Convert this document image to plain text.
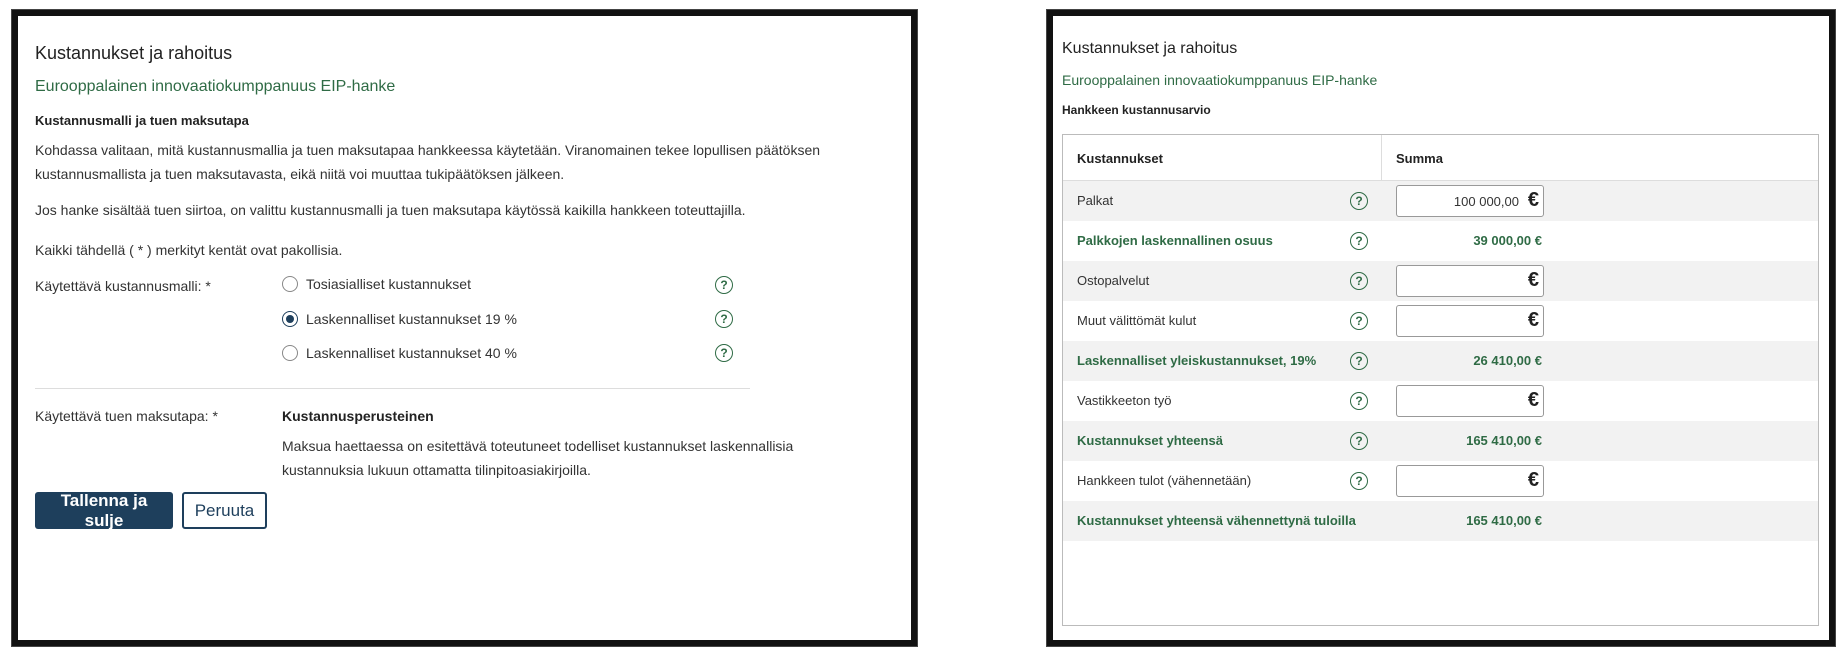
Kustannukset ja rahoitus
Eurooppalainen innovaatiokumppanuus EIP-hanke
Kustannusmalli ja tuen maksutapa
Kohdassa valitaan, mitä kustannusmallia ja tuen maksutapaa hankkeessa käytetään. Viranomainen tekee lopullisen päätöksen
kustannusmallista ja tuen maksutavasta, eikä niitä voi muuttaa tukipäätöksen jälkeen.
Jos hanke sisältää tuen siirtoa, on valittu kustannusmalli ja tuen maksutapa käytössä kaikilla hankkeen toteuttajilla.
Kaikki tähdellä ( * ) merkityt kentät ovat pakollisia.
Käytettävä kustannusmalli: *	Tosiasialliset kustannukset	?
Laskennalliset kustannukset 19 %	?
Laskennalliset kustannukset 40 %	?
Käytettävä tuen maksutapa: *	Kustannusperusteinen
Maksua haettaessa on esitettävä toteutuneet todelliset kustannukset laskennallisia
kustannuksia lukuun ottamatta tilinpitoasiakirjoilla.
Tallenna ja sulje
Peruuta
Kustannukset ja rahoitus
Eurooppalainen innovaatiokumppanuus EIP-hanke
Hankkeen kustannusarvio
Kustannukset	Summa
Palkat	?	100 000,00 €
Palkkojen laskennallinen osuus	?	39 000,00 €
Ostopalvelut	?	€
Muut välittömät kulut	?	€
Laskennalliset yleiskustannukset, 19%	?	26 410,00 €
Vastikkeeton työ	?	€
Kustannukset yhteensä	?	165 410,00 €
Hankkeen tulot (vähennetään)	?	€
Kustannukset yhteensä vähennettynä tuloilla	165 410,00 €
